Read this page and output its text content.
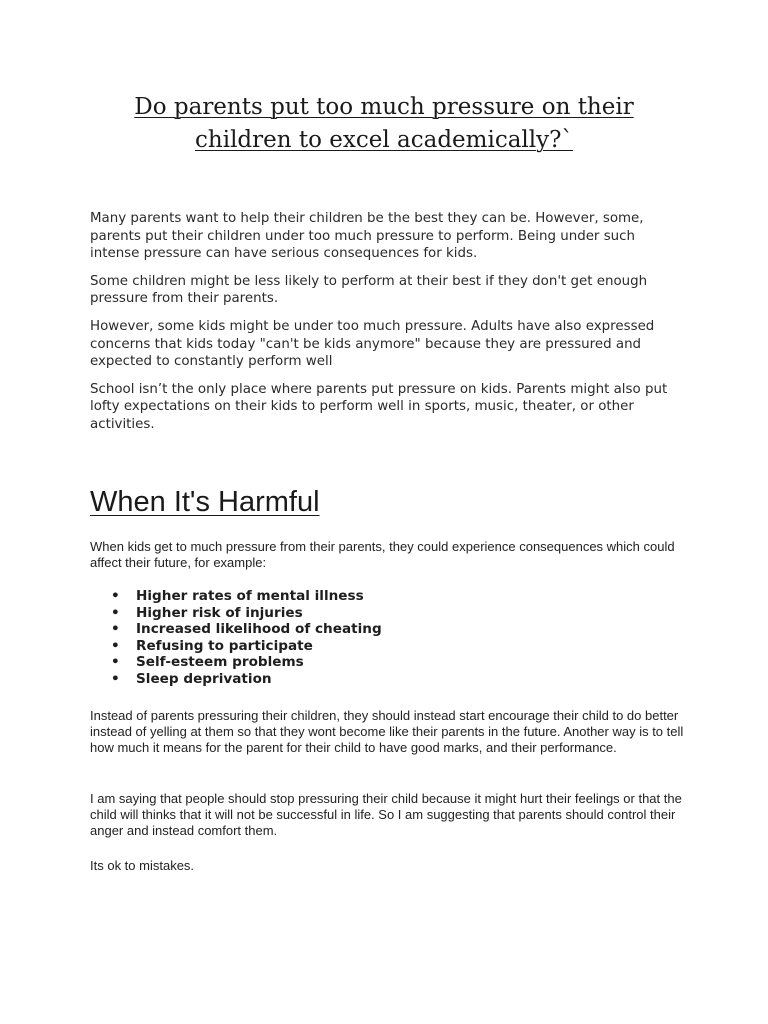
Do parents put too much pressure on their children to excel academically?`

Many parents want to help their children be the best they can be. However, some, parents put their children under too much pressure to perform. Being under such intense pressure can have serious consequences for kids.

Some children might be less likely to perform at their best if they don't get enough pressure from their parents.

However, some kids might be under too much pressure. Adults have also expressed concerns that kids today "can't be kids anymore" because they are pressured and expected to constantly perform well

School isn’t the only place where parents put pressure on kids. Parents might also put lofty expectations on their kids to perform well in sports, music, theater, or other activities.

When It's Harmful

When kids get to much pressure from their parents, they could experience consequences which could affect their future, for example:

• Higher rates of mental illness
• Higher risk of injuries
• Increased likelihood of cheating
• Refusing to participate
• Self-esteem problems
• Sleep deprivation

Instead of parents pressuring their children, they should instead start encourage their child to do better instead of yelling at them so that they wont become like their parents in the future. Another way is to tell how much it means for the parent for their child to have good marks, and their performance.

I am saying that people should stop pressuring their child because it might hurt their feelings or that the child will thinks that it will not be successful in life. So I am suggesting that parents should control their anger and instead comfort them.

Its ok to mistakes.
